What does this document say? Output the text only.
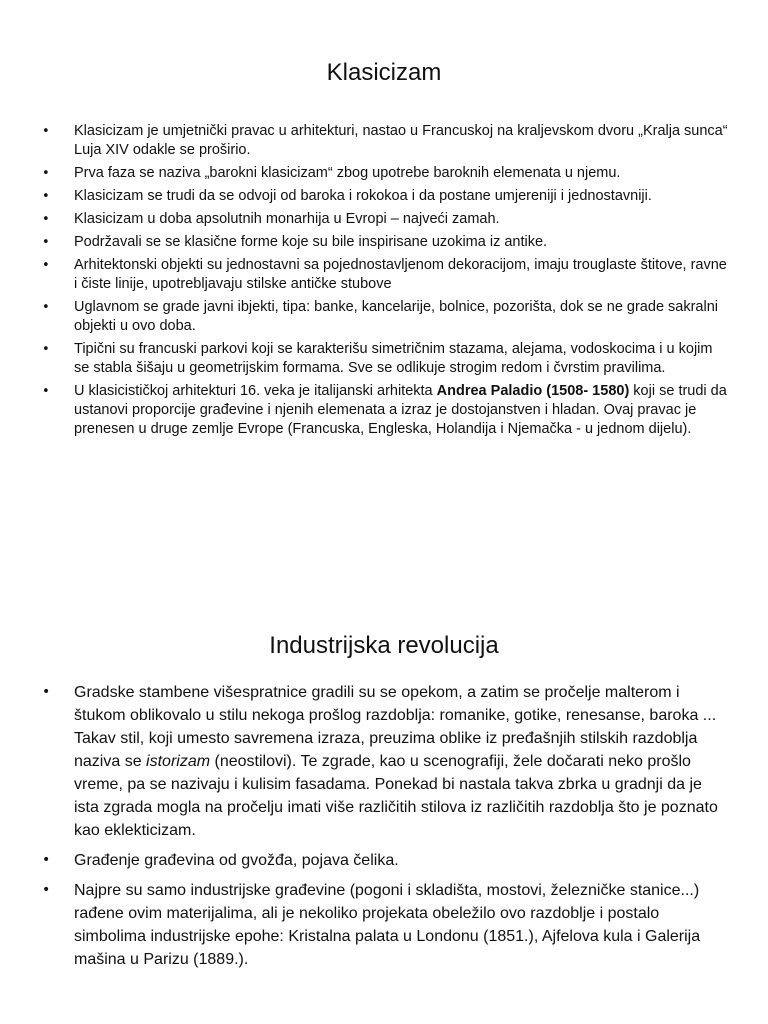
Klasicizam
• Klasicizam je umjetnički pravac u arhitekturi, nastao u Francuskoj na kraljevskom dvoru „Kralja sunca“ Luja XIV odakle se proširio.
• Prva faza se naziva „barokni klasicizam“ zbog upotrebe baroknih elemenata u njemu.
• Klasicizam se trudi da se odvoji od baroka i rokokoa i da postane umjereniji i jednostavniji.
• Klasicizam u doba apsolutnih monarhija u Evropi – najveći zamah.
• Podržavali se se klasične forme koje su bile inspirisane uzokima iz antike.
• Arhitektonski objekti su jednostavni sa pojednostavljenom dekoracijom, imaju trouglaste štitove, ravne i čiste linije, upotrebljavaju stilske antičke stubove
• Uglavnom se grade javni ibjekti, tipa: banke, kancelarije, bolnice, pozorišta, dok se ne grade sakralni objekti u ovo doba.
• Tipični su francuski parkovi koji se karakterišu simetričnim stazama, alejama, vodoskocima i u kojim se stabla šišaju u geometrijskim formama. Sve se odlikuje strogim redom i čvrstim pravilima.
• U klasicističkoj arhitekturi 16. veka je italijanski arhitekta Andrea Paladio (1508- 1580) koji se trudi da ustanovi proporcije građevine i njenih elemenata a izraz je dostojanstven i hladan. Ovaj pravac je prenesen u druge zemlje Evrope (Francuska, Engleska, Holandija i Njemačka - u jednom dijelu).
Industrijska revolucija
• Gradske stambene višespratnice gradili su se opekom, a zatim se pročelje malterom i štukom oblikovalo u stilu nekoga prošlog razdoblja: romanike, gotike, renesanse, baroka ... Takav stil, koji umesto savremena izraza, preuzima oblike iz prеđašnjih stilskih razdoblja naziva se istorizam (neostilovi). Te zgrade, kao u scenografiji, žele dočarati neko prošlo vreme, pa se nazivaju i kulisim fasadama. Ponekad bi nastala takva zbrka u gradnji da je ista zgrada mogla na pročelju imati više različitih stilova iz različitih razdoblja što je poznato kao eklekticizam.
• Građenje građevina od gvožđa, pojava čelika.
• Najpre su samo industrijske građevine (pogoni i skladišta, mostovi, železničke stanice...) rađene ovim materijalima, ali je nekoliko projekata obeležilo ovo razdoblje i postalo simbolima industrijske epohe: Kristalna palata u Londonu (1851.), Ajfelova kula i Galerija mašina u Parizu (1889.).
